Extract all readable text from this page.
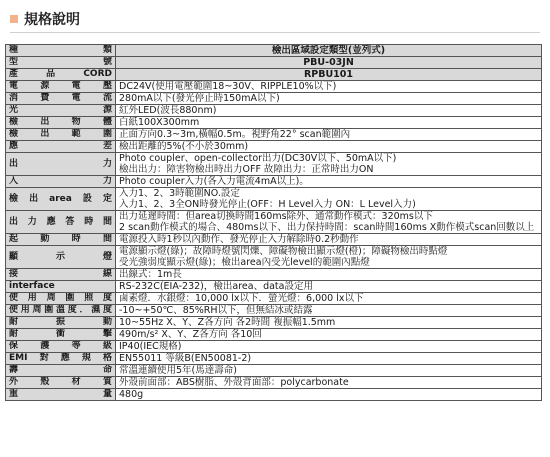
規格說明
種類	檢出區域設定類型(並列式)

型號	PBU-03JN

產品CORD	RPBU101

電源電壓	DC24V(使用電壓範圍18~30V、RIPPLE10%以下)

消費電流	280mA以下(發光停止時150mA以下)

光源	紅外LED(波長880nm)

檢出物體	白紙100X300mm

檢出範圍	正面方向0.3~3m,橫幅0.5m。視野角22° scan範圍內

應差	檢出距離的5%(不小於30mm)

出力	Photo coupler、open-collector出力(DC30V以下、50mA以下)
檢出出力：障害物檢出時出力OFF 故障出力：正常時出力ON

入力	Photo coupler入力(各入力電流4mA以上)。

檢出area設定	入力1、2、3時範圍NO.設定
入力1、2、3全ON時發光停止(OFF：H Level入力 ON：L Level入力)

出力應答時間	出力延遲時間：但area切換時間160ms除外、通常動作模式：320ms以下
2 scan動作模式的場合、480ms以下、出力保持時間：scan時間160ms X動作模式scan回數以上

起動時間	電源投入時1秒以內動作、發光停止入力解除時0.2秒動作

顯示燈	電源顯示燈(綠)；故障時燈號閃爍、障礙物檢出顯示燈(橙)；障礙物檢出時點燈
受光強弱度顯示燈(綠)；檢出area內受光level的範圍內點燈

接線	出線式：1m長

interface	RS-232C(EIA-232)，檢出area、data設定用

使用周圍照度	鹵素燈．水銀燈：10,000 lx以下．螢光燈：6,000 lx以下

使用周圍溫度．濕度	-10~+50℃、85%RH以下，但無結冰或結露

耐振動	10~55Hz X、Y、Z各方向 各2時間 複振幅1.5mm

耐衝擊	490m/s² X、Y、Z各方向 各10回

保護等級	IP40(IEC規格)

EMI對應規格	EN55011 等級B(EN50081-2)

壽命	常溫連續使用5年(馬達壽命)

外殼材質	外殼前面部：ABS樹脂、外殼背面部：polycarbonate

重量	480g
